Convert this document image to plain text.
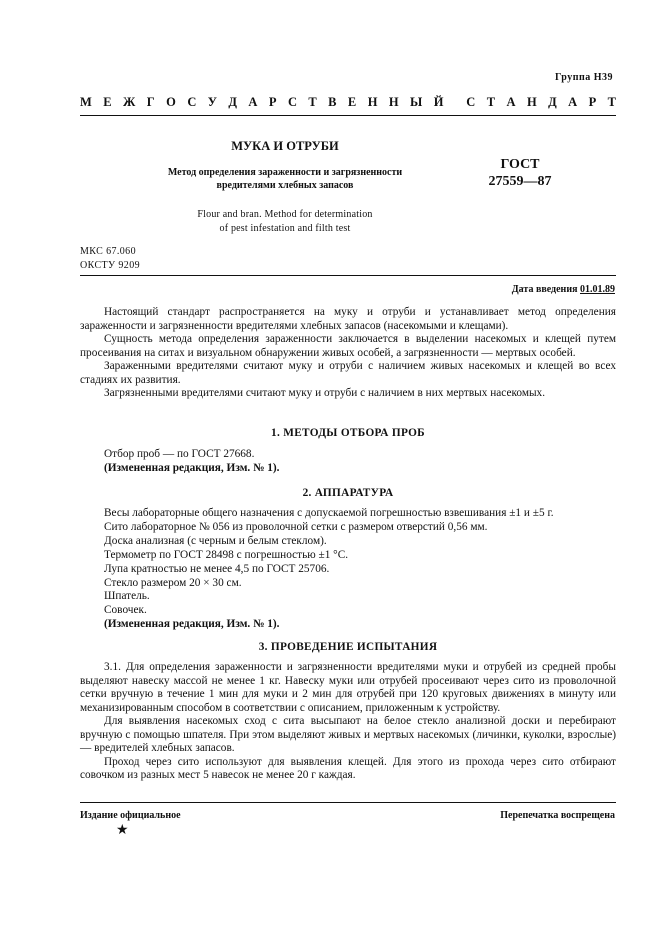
Группа Н39
М Е Ж Г О С У Д А Р С Т В Е Н Н Ы Й С Т А Н Д А Р Т
МУКА И ОТРУБИ
Метод определения зараженности и загрязненности
вредителями хлебных запасов
ГОСТ
27559—87
Flour and bran. Method for determination
of pest infestation and filth test
МКС 67.060
ОКСТУ 9209
Дата введения 01.01.89

Настоящий стандарт распространяется на муку и отруби и устанавливает метод определения зараженности и загрязненности вредителями хлебных запасов (насекомыми и клещами).

Сущность метода определения зараженности заключается в выделении насекомых и клещей путем просеивания на ситах и визуальном обнаружении живых особей, а загрязненности — мертвых особей.

Зараженными вредителями считают муку и отруби с наличием живых насекомых и клещей во всех стадиях их развития.

Загрязненными вредителями считают муку и отруби с наличием в них мертвых насекомых.

1. МЕТОДЫ ОТБОРА ПРОБ

Отбор проб — по ГОСТ 27668.

(Измененная редакция, Изм. № 1).

2. АППАРАТУРА

Весы лабораторные общего назначения с допускаемой погрешностью взвешивания ±1 и ±5 г.

Сито лабораторное № 056 из проволочной сетки с размером отверстий 0,56 мм.

Доска анализная (с черным и белым стеклом).

Термометр по ГОСТ 28498 с погрешностью ±1 °С.

Лупа кратностью не менее 4,5 по ГОСТ 25706.

Стекло размером 20 × 30 см.

Шпатель.

Совочек.

(Измененная редакция, Изм. № 1).

3. ПРОВЕДЕНИЕ ИСПЫТАНИЯ

3.1. Для определения зараженности и загрязненности вредителями муки и отрубей из средней пробы выделяют навеску массой не менее 1 кг. Навеску муки или отрубей просеивают через сито из проволочной сетки вручную в течение 1 мин для муки и 2 мин для отрубей при 120 круговых движениях в минуту или механизированным способом в соответствии с описанием, приложенным к устройству.

Для выявления насекомых сход с сита высыпают на белое стекло анализной доски и перебирают вручную с помощью шпателя. При этом выделяют живых и мертвых насекомых (личинки, куколки, взрослые) — вредителей хлебных запасов.

Проход через сито используют для выявления клещей. Для этого из прохода через сито отбирают совочком из разных мест 5 навесок не менее 20 г каждая.

Издание официальное	Перепечатка воспрещена
★
